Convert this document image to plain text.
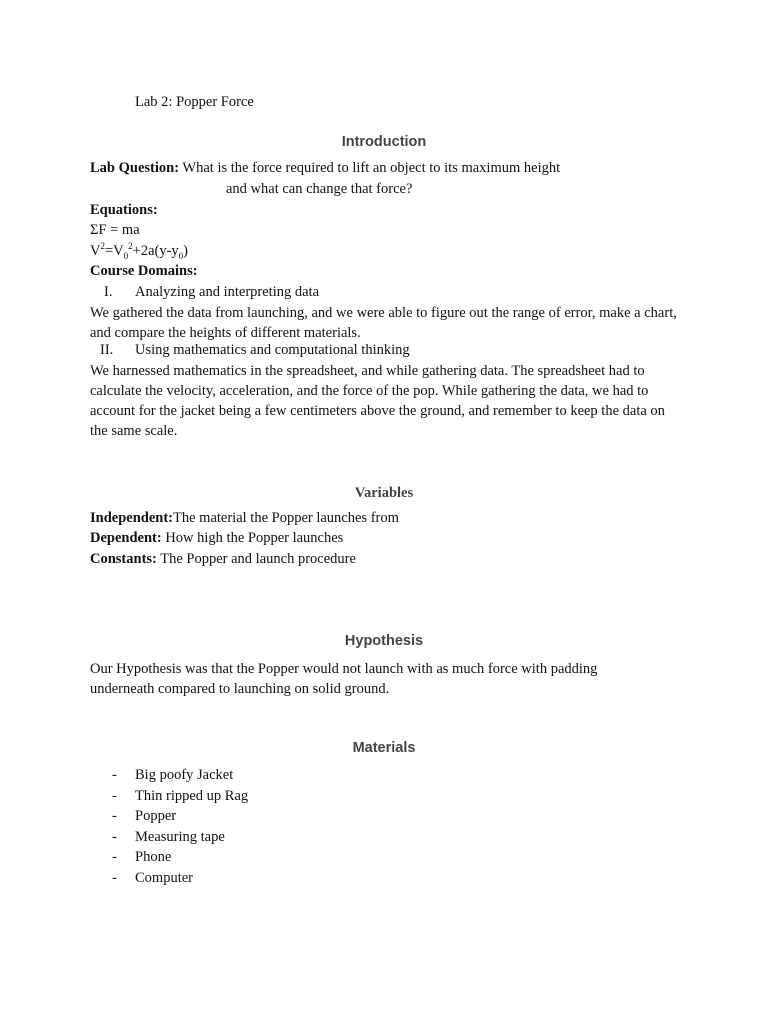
Lab 2: Popper Force
Introduction
Lab Question: What is the force required to lift an object to its maximum height
and what can change that force?
Equations:
ΣF = ma
$V^2=V_0^2+2a(y-y_0)$
Course Domains:
I. Analyzing and interpreting data
We gathered the data from launching, and we were able to figure out the range of error, make a chart, and compare the heights of different materials.
II. Using mathematics and computational thinking
We harnessed mathematics in the spreadsheet, and while gathering data. The spreadsheet had to calculate the velocity, acceleration, and the force of the pop. While gathering the data, we had to account for the jacket being a few centimeters above the ground, and remember to keep the data on the same scale.
Variables
Independent:The material the Popper launches from
Dependent: How high the Popper launches
Constants: The Popper and launch procedure
Hypothesis
Our Hypothesis was that the Popper would not launch with as much force with padding underneath compared to launching on solid ground.
Materials
- Big poofy Jacket
- Thin ripped up Rag
- Popper
- Measuring tape
- Phone
- Computer
